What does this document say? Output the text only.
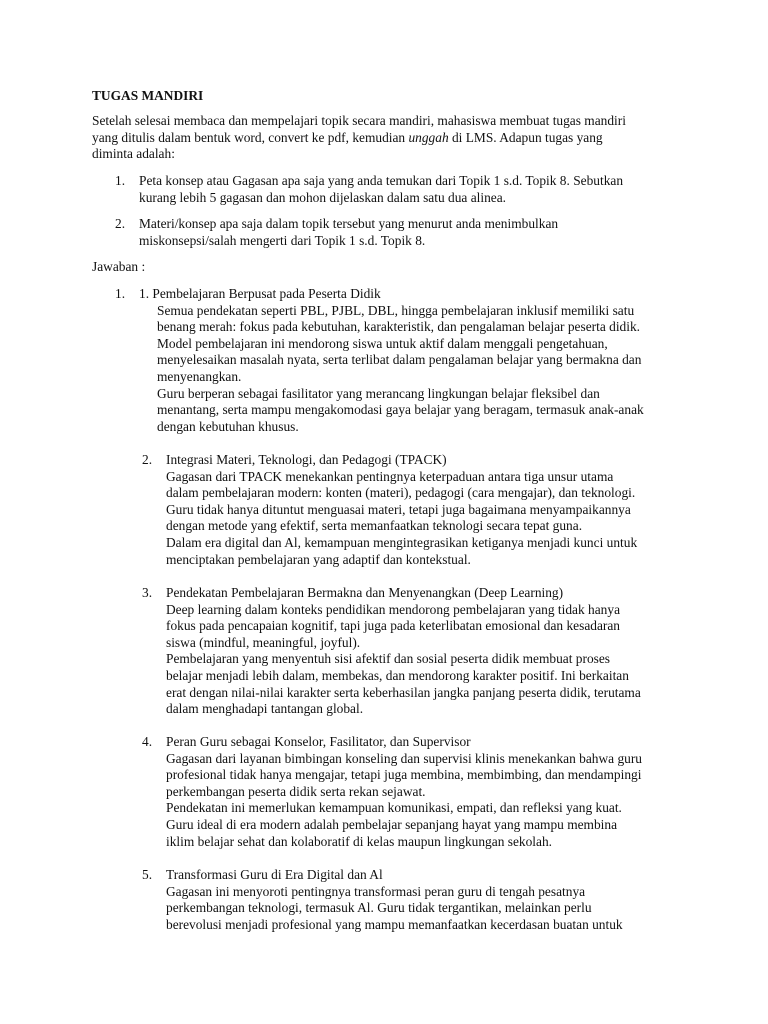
TUGAS MANDIRI
Setelah selesai membaca dan mempelajari topik secara mandiri, mahasiswa membuat tugas mandiri
yang ditulis dalam bentuk word, convert ke pdf, kemudian unggah di LMS. Adapun tugas yang
diminta adalah:
1. Peta konsep atau Gagasan apa saja yang anda temukan dari Topik 1 s.d. Topik 8. Sebutkan
kurang lebih 5 gagasan dan mohon dijelaskan dalam satu dua alinea.
2. Materi/konsep apa saja dalam topik tersebut yang menurut anda menimbulkan
miskonsepsi/salah mengerti dari Topik 1 s.d. Topik 8.
Jawaban :
1. 1. Pembelajaran Berpusat pada Peserta Didik
Semua pendekatan seperti PBL, PJBL, DBL, hingga pembelajaran inklusif memiliki satu
benang merah: fokus pada kebutuhan, karakteristik, dan pengalaman belajar peserta didik.
Model pembelajaran ini mendorong siswa untuk aktif dalam menggali pengetahuan,
menyelesaikan masalah nyata, serta terlibat dalam pengalaman belajar yang bermakna dan
menyenangkan.
Guru berperan sebagai fasilitator yang merancang lingkungan belajar fleksibel dan
menantang, serta mampu mengakomodasi gaya belajar yang beragam, termasuk anak-anak
dengan kebutuhan khusus.
2. Integrasi Materi, Teknologi, dan Pedagogi (TPACK)
Gagasan dari TPACK menekankan pentingnya keterpaduan antara tiga unsur utama
dalam pembelajaran modern: konten (materi), pedagogi (cara mengajar), dan teknologi.
Guru tidak hanya dituntut menguasai materi, tetapi juga bagaimana menyampaikannya
dengan metode yang efektif, serta memanfaatkan teknologi secara tepat guna.
Dalam era digital dan Al, kemampuan mengintegrasikan ketiganya menjadi kunci untuk
menciptakan pembelajaran yang adaptif dan kontekstual.
3. Pendekatan Pembelajaran Bermakna dan Menyenangkan (Deep Learning)
Deep learning dalam konteks pendidikan mendorong pembelajaran yang tidak hanya
fokus pada pencapaian kognitif, tapi juga pada keterlibatan emosional dan kesadaran
siswa (mindful, meaningful, joyful).
Pembelajaran yang menyentuh sisi afektif dan sosial peserta didik membuat proses
belajar menjadi lebih dalam, membekas, dan mendorong karakter positif. Ini berkaitan
erat dengan nilai-nilai karakter serta keberhasilan jangka panjang peserta didik, terutama
dalam menghadapi tantangan global.
4. Peran Guru sebagai Konselor, Fasilitator, dan Supervisor
Gagasan dari layanan bimbingan konseling dan supervisi klinis menekankan bahwa guru
profesional tidak hanya mengajar, tetapi juga membina, membimbing, dan mendampingi
perkembangan peserta didik serta rekan sejawat.
Pendekatan ini memerlukan kemampuan komunikasi, empati, dan refleksi yang kuat.
Guru ideal di era modern adalah pembelajar sepanjang hayat yang mampu membina
iklim belajar sehat dan kolaboratif di kelas maupun lingkungan sekolah.
5. Transformasi Guru di Era Digital dan Al
Gagasan ini menyoroti pentingnya transformasi peran guru di tengah pesatnya
perkembangan teknologi, termasuk Al. Guru tidak tergantikan, melainkan perlu
berevolusi menjadi profesional yang mampu memanfaatkan kecerdasan buatan untuk
